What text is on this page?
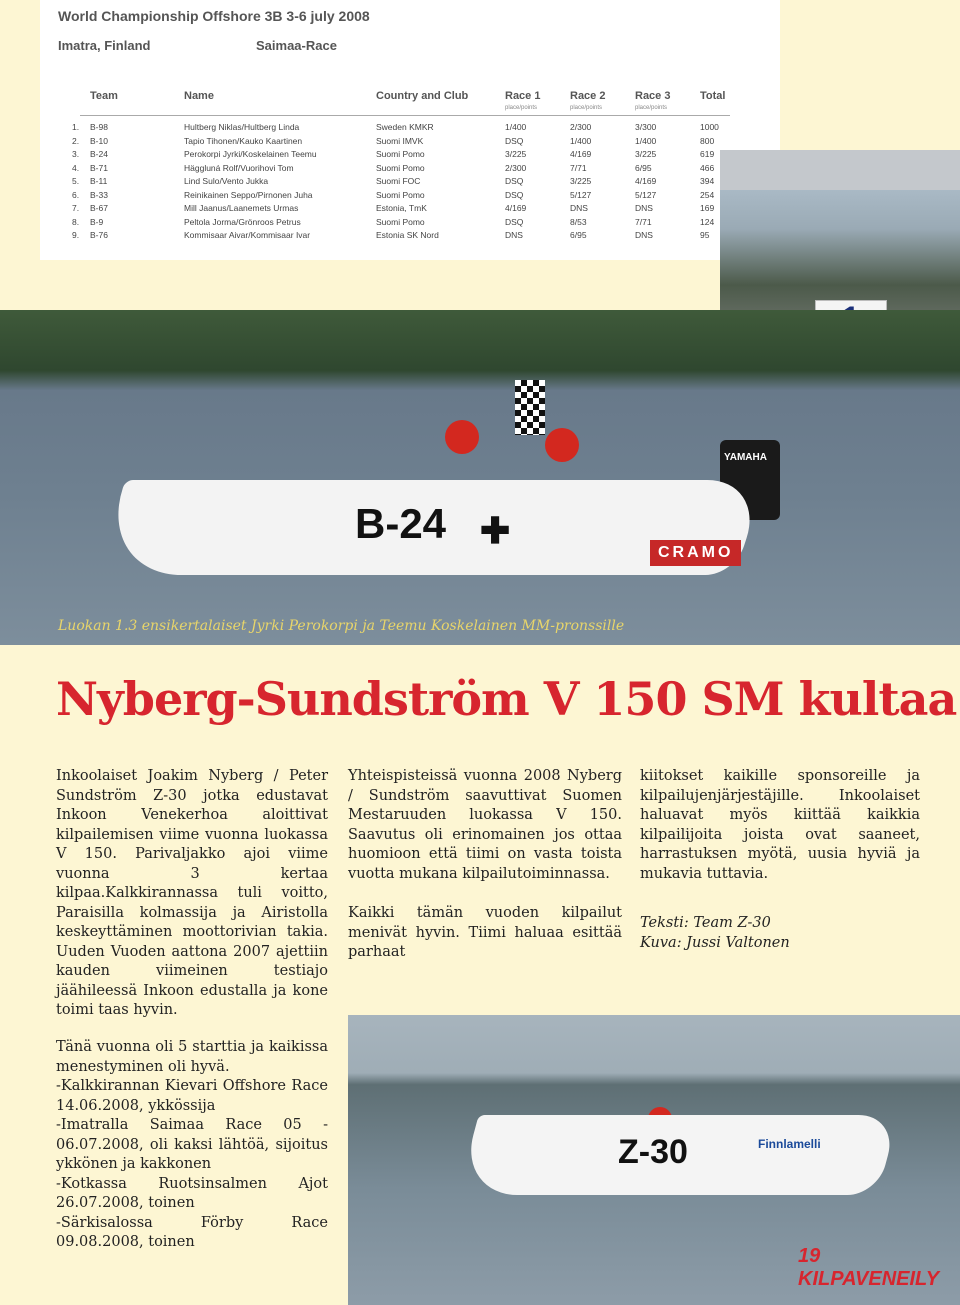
World Championship Offshore 3B 3-6 july 2008
Imatra, Finland	Saimaa-Race
Team	Name	Country and Club	Race 1	Race 2	Race 3	Total
place/points	place/points	place/points
1. B-98	Hultberg Niklas/Hultberg Linda	Sweden KMKR	1/400	2/300	3/300	1000
2. B-10	Tapio Tihonen/Kauko Kaartinen	Suomi IMVK	DSQ	1/400	1/400	800
3. B-24	Perokorpi Jyrki/Koskelainen Teemu	Suomi Pomo	3/225	4/169	3/225	619
4. B-71	Häggluná Rolf/Vuorihovi Tom	Suomi Pomo	2/300	7/71	6/95	466
5. B-11	Lind Sulo/Vento Jukka	Suomi FOC	DSQ	3/225	4/169	394
6. B-33	Reinikainen Seppo/Pirnonen Juha	Suomi Pomo	DSQ	5/127	5/127	254
7. B-67	Mill Jaanus/Laanemets Urmas	Estonia, TmK	4/169	DNS	DNS	169
8. B-9	Peltola Jorma/Grönroos Petrus	Suomi Pomo	DSQ	8/53	7/71	124
9. B-76	Kommisaar Aivar/Kommisaar Ivar	Estonia SK Nord	DNS	6/95	DNS	95
YAMAHA
B-24 ✚
CRAMO
Luokan 1.3 ensikertalaiset Jyrki Perokorpi ja Teemu Koskelainen MM-pronssille
Nyberg-Sundström V 150 SM kultaa

Inkoolaiset Joakim Nyberg / Peter Sundström Z-30 jotka edustavat Inkoon Venekerhoa aloittivat kilpailemisen viime vuonna luokassa V 150. Parivaljakko ajoi viime vuonna 3 kertaa kilpaa.Kalkkirannassa tuli voitto, Paraisilla kolmassija ja Airistolla keskeyttäminen moottorivian takia. Uuden Vuoden aattona 2007 ajettiin kauden viimeinen testiajo jäähileessä Inkoon edustalla ja kone toimi taas hyvin.

Yhteispisteissä vuonna 2008 Nyberg / Sundström saavuttivat Suomen Mestaruuden luokassa V 150. Saavutus oli erinomainen jos ottaa huomioon että tiimi on vasta toista vuotta mukana kilpailutoiminnassa.

Kaikki tämän vuoden kilpailut menivät hyvin. Tiimi haluaa esittää parhaat

kiitokset kaikille sponsoreille ja kilpailujenjärjestäjille. Inkoolaiset haluavat myös kiittää kaikkia kilpailijoita joista ovat saaneet, harrastuksen myötä, uusia hyviä ja mukavia tuttavia.

Teksti: Team Z-30

Kuva: Jussi Valtonen

Tänä vuonna oli 5 starttia ja kaikissa menestyminen oli hyvä.

-Kalkkirannan Kievari Offshore Race 14.06.2008, ykkössija

-Imatralla Saimaa Race 05 - 06.07.2008, oli kaksi lähtöä, sijoitus ykkönen ja kakkonen

-Kotkassa Ruotsinsalmen Ajot 26.07.2008, toinen

-Särkisalossa Förby Race 09.08.2008, toinen

Z-30	Finnlamelli
19 KILPAVENEILY
